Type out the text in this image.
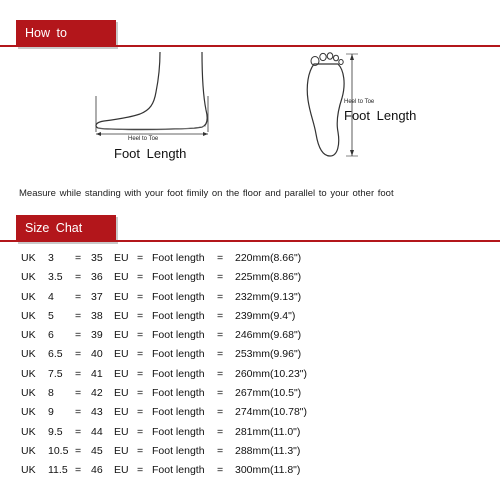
How to Measure
Heel to Toe
Foot Length
Heel to Toe
Foot Length
Measure while standing with your foot fimily on the floor and parallel to your other foot
Size Chat
UK 3 = 35 EU = Foot length = 220mm(8.66")
UK 3.5 = 36 EU = Foot length = 225mm(8.86")
UK 4 = 37 EU = Foot length = 232mm(9.13")
UK 5 = 38 EU = Foot length = 239mm(9.4")
UK 6 = 39 EU = Foot length = 246mm(9.68")
UK 6.5 = 40 EU = Foot length = 253mm(9.96")
UK 7.5 = 41 EU = Foot length = 260mm(10.23")
UK 8 = 42 EU = Foot length = 267mm(10.5")
UK 9 = 43 EU = Foot length = 274mm(10.78")
UK 9.5 = 44 EU = Foot length = 281mm(11.0")
UK 10.5 = 45 EU = Foot length = 288mm(11.3")
UK 11.5 = 46 EU = Foot length = 300mm(11.8")
